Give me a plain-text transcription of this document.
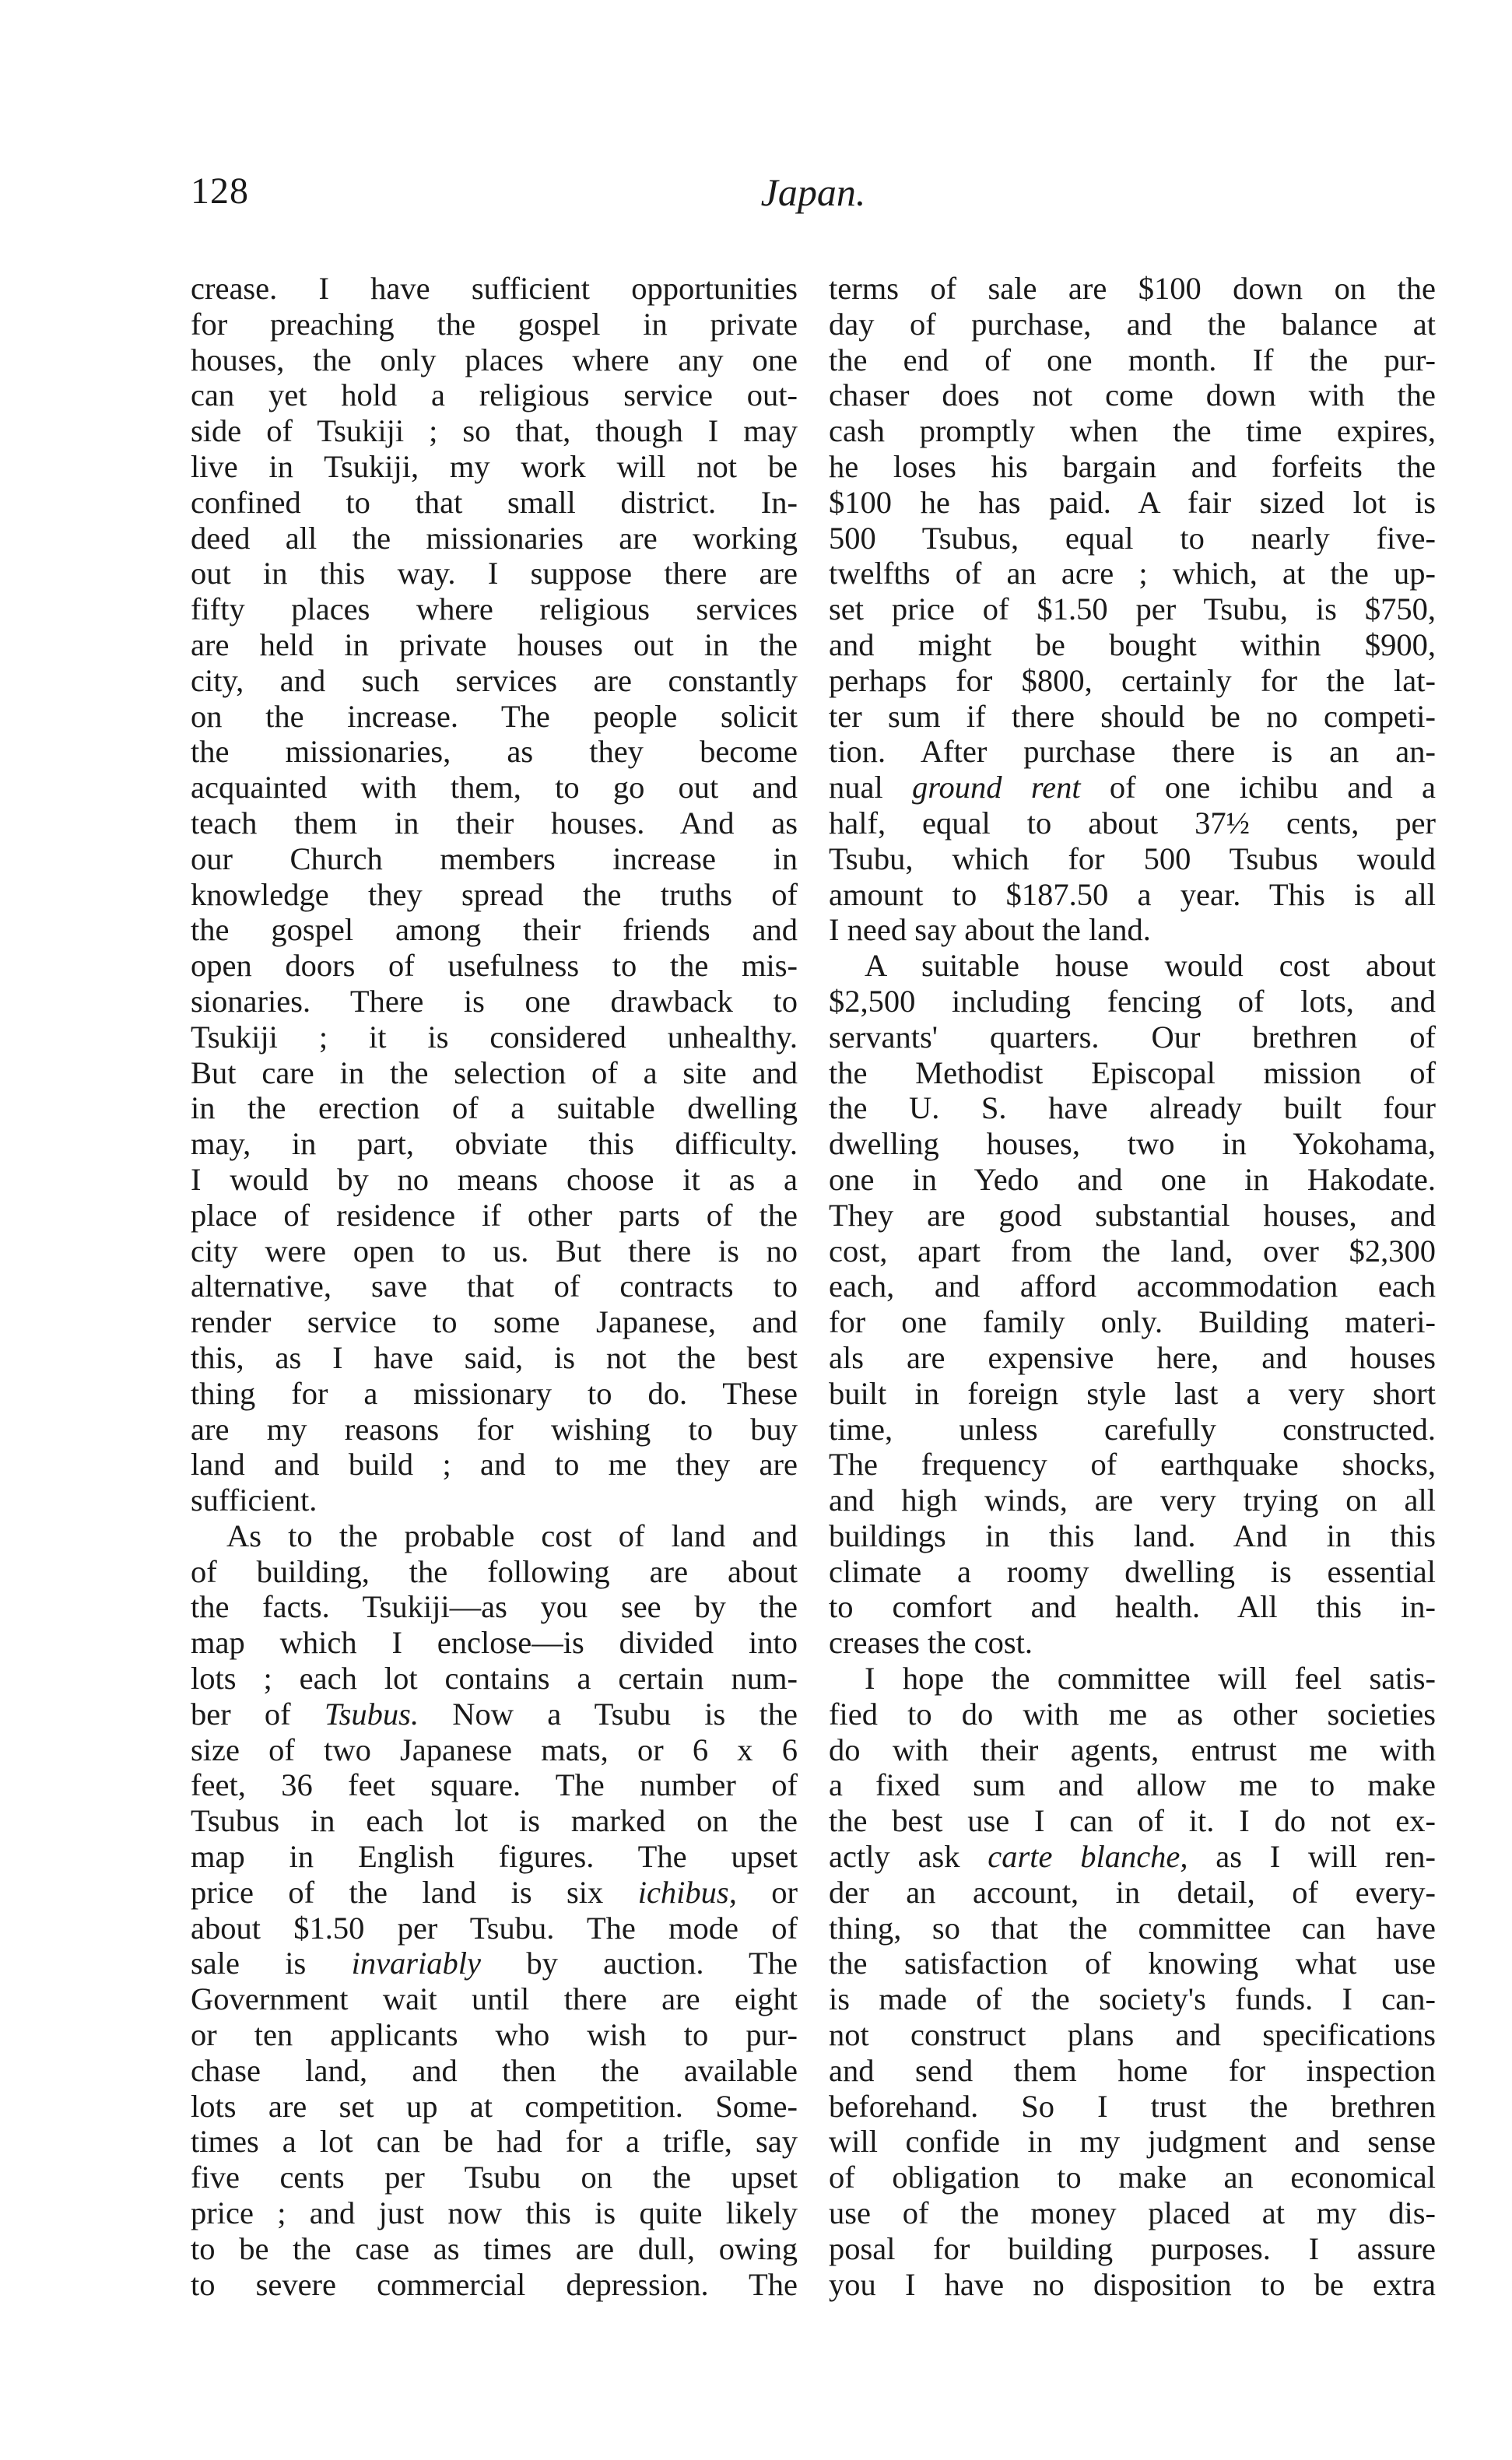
128	Japan.
crease. I have sufficient opportunities
for preaching the gospel in private
houses, the only places where any one
can yet hold a religious service out-
side of Tsukiji ; so that, though I may
live in Tsukiji, my work will not be
confined to that small district. In-
deed all the missionaries are working
out in this way. I suppose there are
fifty places where religious services
are held in private houses out in the
city, and such services are constantly
on the increase. The people solicit
the missionaries, as they become
acquainted with them, to go out and
teach them in their houses. And as
our Church members increase in
knowledge they spread the truths of
the gospel among their friends and
open doors of usefulness to the mis-
sionaries. There is one drawback to
Tsukiji ; it is considered unhealthy.
But care in the selection of a site and
in the erection of a suitable dwelling
may, in part, obviate this difficulty.
I would by no means choose it as a
place of residence if other parts of the
city were open to us. But there is no
alternative, save that of contracts to
render service to some Japanese, and
this, as I have said, is not the best
thing for a missionary to do. These
are my reasons for wishing to buy
land and build ; and to me they are
sufficient.
As to the probable cost of land and
of building, the following are about
the facts. Tsukiji—as you see by the
map which I enclose—is divided into
lots ; each lot contains a certain num-
ber of Tsubus. Now a Tsubu is the
size of two Japanese mats, or 6 x 6
feet, 36 feet square. The number of
Tsubus in each lot is marked on the
map in English figures. The upset
price of the land is six ichibus, or
about $1.50 per Tsubu. The mode of
sale is invariably by auction. The
Government wait until there are eight
or ten applicants who wish to pur-
chase land, and then the available
lots are set up at competition. Some-
times a lot can be had for a trifle, say
five cents per Tsubu on the upset
price ; and just now this is quite likely
to be the case as times are dull, owing
to severe commercial depression. The
terms of sale are $100 down on the
day of purchase, and the balance at
the end of one month. If the pur-
chaser does not come down with the
cash promptly when the time expires,
he loses his bargain and forfeits the
$100 he has paid. A fair sized lot is
500 Tsubus, equal to nearly five-
twelfths of an acre ; which, at the up-
set price of $1.50 per Tsubu, is $750,
and might be bought within $900,
perhaps for $800, certainly for the lat-
ter sum if there should be no competi-
tion. After purchase there is an an-
nual ground rent of one ichibu and a
half, equal to about 37½ cents, per
Tsubu, which for 500 Tsubus would
amount to $187.50 a year. This is all
I need say about the land.
A suitable house would cost about
$2,500 including fencing of lots, and
servants' quarters. Our brethren of
the Methodist Episcopal mission of
the U. S. have already built four
dwelling houses, two in Yokohama,
one in Yedo and one in Hakodate.
They are good substantial houses, and
cost, apart from the land, over $2,300
each, and afford accommodation each
for one family only. Building materi-
als are expensive here, and houses
built in foreign style last a very short
time, unless carefully constructed.
The frequency of earthquake shocks,
and high winds, are very trying on all
buildings in this land. And in this
climate a roomy dwelling is essential
to comfort and health. All this in-
creases the cost.
I hope the committee will feel satis-
fied to do with me as other societies
do with their agents, entrust me with
a fixed sum and allow me to make
the best use I can of it. I do not ex-
actly ask carte blanche, as I will ren-
der an account, in detail, of every-
thing, so that the committee can have
the satisfaction of knowing what use
is made of the society's funds. I can-
not construct plans and specifications
and send them home for inspection
beforehand. So I trust the brethren
will confide in my judgment and sense
of obligation to make an economical
use of the money placed at my dis-
posal for building purposes. I assure
you I have no disposition to be extra
